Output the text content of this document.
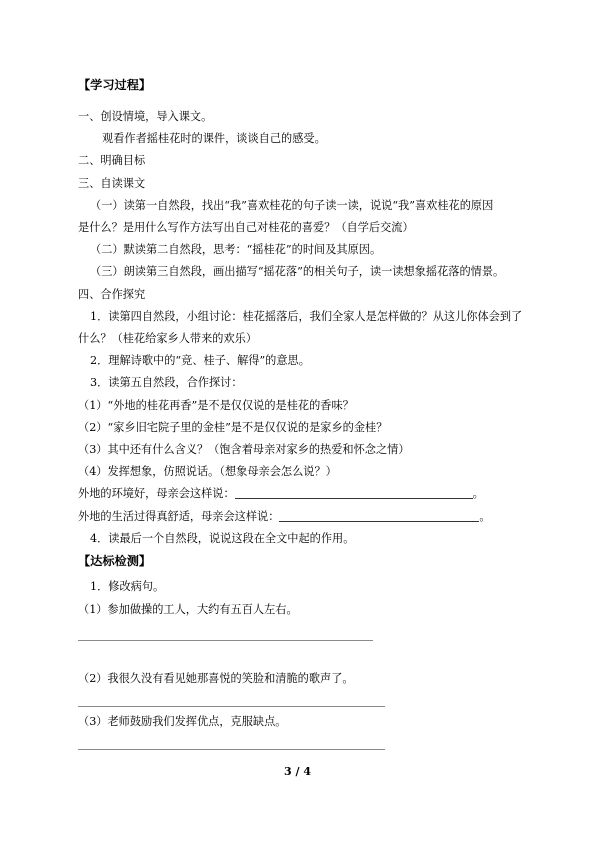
【学习过程】
一、创设情境，导入课文。
观看作者摇桂花时的课件，谈谈自己的感受。
二、明确目标
三、自读课文
（一）读第一自然段，找出“我”喜欢桂花的句子读一读，说说“我”喜欢桂花的原因
是什么？是用什么写作方法写出自己对桂花的喜爱？（自学后交流）
（二）默读第二自然段，思考：“摇桂花”的时间及其原因。
（三）朗读第三自然段，画出描写“摇花落”的相关句子，读一读想象摇花落的情景。
四、合作探究
1．读第四自然段，小组讨论：桂花摇落后，我们全家人是怎样做的？从这儿你体会到了
什么？（桂花给家乡人带来的欢乐）
2．理解诗歌中的“竞、桂子、解得”的意思。
3．读第五自然段，合作探讨：
（1）“外地的桂花再香”是不是仅仅说的是桂花的香味？
（2）“家乡旧宅院子里的金桂”是不是仅仅说的是家乡的金桂？
（3）其中还有什么含义？（饱含着母亲对家乡的热爱和怀念之情）
（4）发挥想象，仿照说话。（想象母亲会怎么说？）
外地的环境好，母亲会这样说：	。
外地的生活过得真舒适，母亲会这样说：	。
4．读最后一个自然段，说说这段在全文中起的作用。
【达标检测】
1．修改病句。
（1）参加做操的工人，大约有五百人左右。
（2）我很久没有看见她那喜悦的笑脸和清脆的歌声了。
（3）老师鼓励我们发挥优点，克服缺点。
3 / 4
